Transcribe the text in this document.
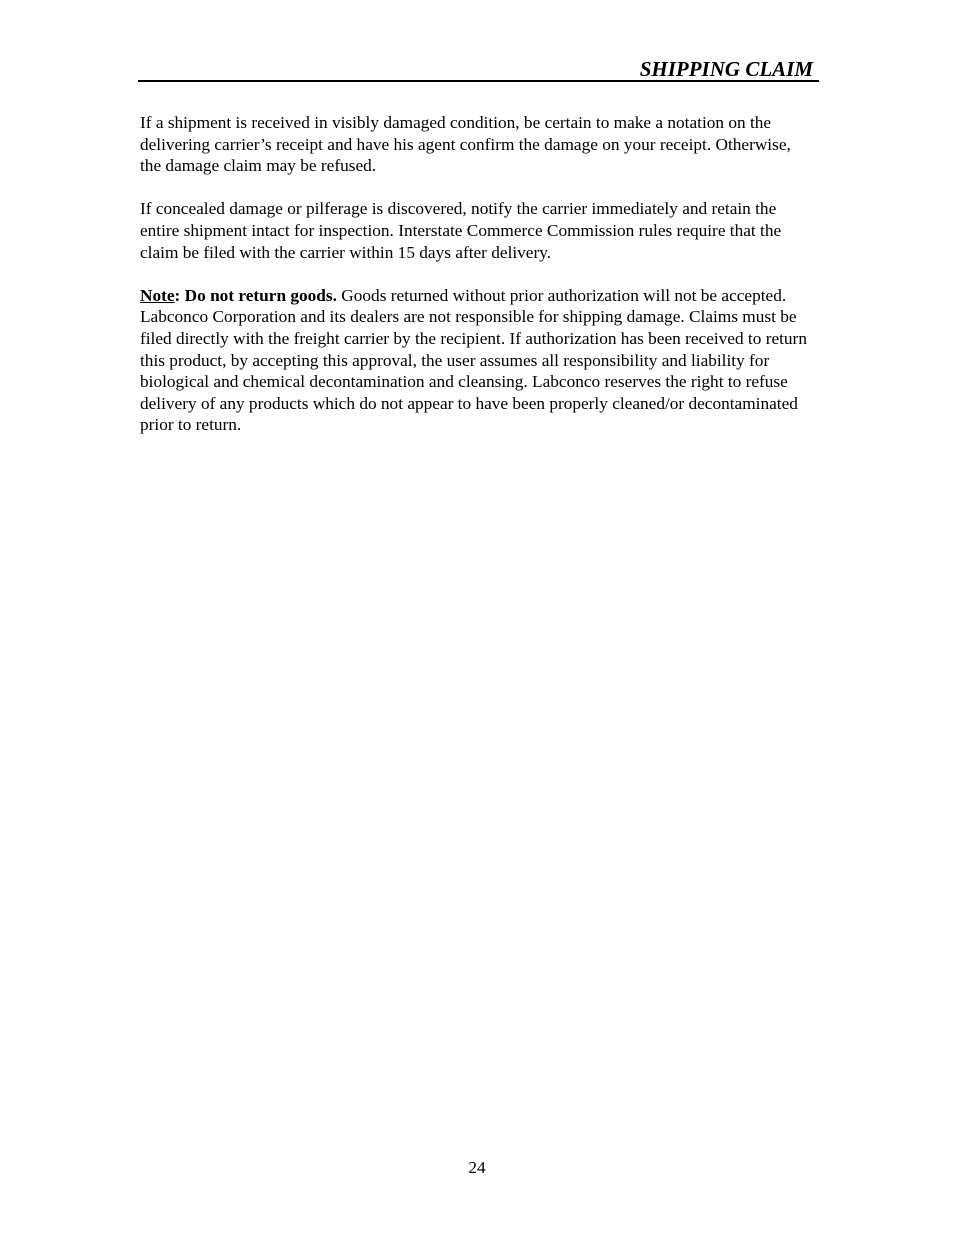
SHIPPING CLAIM

If a shipment is received in visibly damaged condition, be certain to make a notation on the delivering carrier’s receipt and have his agent confirm the damage on your receipt. Otherwise, the damage claim may be refused.

If concealed damage or pilferage is discovered, notify the carrier immediately and retain the entire shipment intact for inspection. Interstate Commerce Commission rules require that the claim be filed with the carrier within 15 days after delivery.

Note: Do not return goods. Goods returned without prior authorization will not be accepted. Labconco Corporation and its dealers are not responsible for shipping damage. Claims must be filed directly with the freight carrier by the recipient. If authorization has been received to return this product, by accepting this approval, the user assumes all responsibility and liability for biological and chemical decontamination and cleansing. Labconco reserves the right to refuse delivery of any products which do not appear to have been properly cleaned/or decontaminated prior to return.

24
